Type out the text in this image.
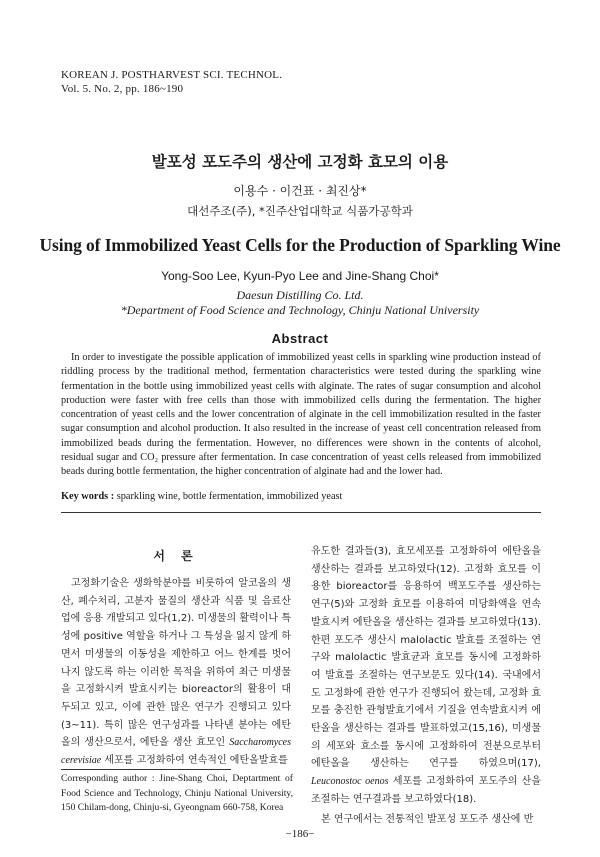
KOREAN J. POSTHARVEST SCI. TECHNOL.
Vol. 5. No. 2, pp. 186~190
발포성 포도주의 생산에 고정화 효모의 이용
이용수 · 이건표 · 최진상*
대선주조(주), *진주산업대학교 식품가공학과
Using of Immobilized Yeast Cells for the Production of Sparkling Wine
Yong-Soo Lee, Kyun-Pyo Lee and Jine-Shang Choi*
Daesun Distilling Co. Ltd.
*Department of Food Science and Technology, Chinju National University
Abstract
In order to investigate the possible application of immobilized yeast cells in sparkling wine production instead of riddling process by the traditional method, fermentation characteristics were tested during the sparkling wine fermentation in the bottle using immobilized yeast cells with alginate. The rates of sugar consumption and alcohol production were faster with free cells than those with immobilized cells during the fermentation. The higher concentration of yeast cells and the lower concentration of alginate in the cell immobilization resulted in the faster sugar consumption and alcohol production. It also resulted in the increase of yeast cell concentration released from immobilized beads during the fermentation. However, no differences were shown in the contents of alcohol, residual sugar and CO₂ pressure after fermentation. In case concentration of yeast cells released from immobilized beads during bottle fermentation, the higher concentration of alginate had and the lower had.
Key words : sparkling wine, bottle fermentation, immobilized yeast
서 론
고정화기술은 생화학분야를 비롯하여 알코올의 생산, 폐수처리, 고분자 물질의 생산과 식품 및 음료산업에 응용 개발되고 있다(1,2). 미생물의 활력이나 특성에 positive 역할을 하거나 그 특성을 잃지 않게 하면서 미생물의 이동성을 제한하고 어느 한계를 벗어나지 않도록 하는 이러한 목적을 위하여 최근 미생물을 고정화시켜 발효시키는 bioreactor의 활용이 대두되고 있고, 이에 관한 많은 연구가 진행되고 있다(3~11). 특히 많은 연구성과를 나타낸 분야는 에탄올의 생산으로서, 에탄올 생산 효모인 Saccharomyces cerevisiae 세포를 고정화하여 연속적인 에탄올발효를
유도한 결과들(3), 효모세포를 고정화하여 에탄올을 생산하는 결과를 보고하였다(12). 고정화 효모를 이용한 bioreactor를 응용하여 백포도주를 생산하는 연구(5)와 고정화 효모를 이용하여 미당화액을 연속발효시켜 에탄올을 생산하는 결과를 보고하였다(13). 한편 포도주 생산시 malolactic 발효를 조절하는 연구와 malolactic 발효균과 효모를 동시에 고정화하여 발효를 조절하는 연구보문도 있다(14). 국내에서도 고정화에 관한 연구가 진행되어 왔는데, 고정화 효모를 충진한 관형발효기에서 기질을 연속발효시켜 에탄올을 생산하는 결과를 발표하였고(15,16), 미생물의 세포와 효소를 동시에 고정화하여 전분으로부터 에탄올을 생산하는 연구를 하였으며(17), Leuconostoc oenos 세포를 고정화하여 포도주의 산을 조절하는 연구결과를 보고하였다(18).
본 연구에서는 전통적인 발포성 포도주 생산에 반
Corresponding author : Jine-Shang Choi, Deptartment of Food Science and Technology, Chinju National University, 150 Chilam-dong, Chinju-si, Gyeongnam 660-758, Korea
−186−
